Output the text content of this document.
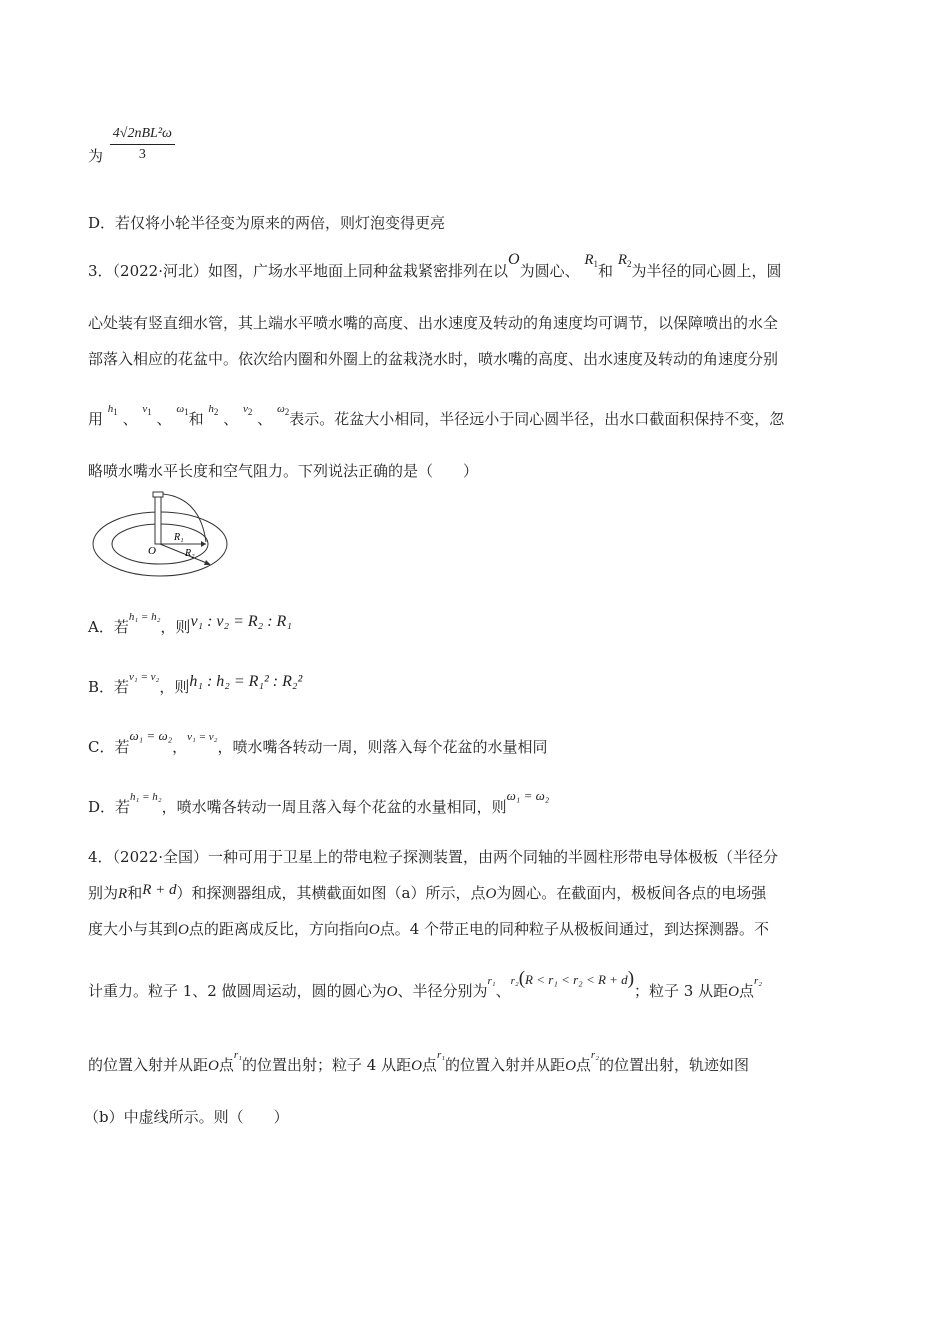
为 $\frac{\text{4√2nBL²ω}}{3}$
D．若仅将小轮半径变为原来的两倍，则灯泡变得更亮
3．（2022·河北）如图，广场水平地面上同种盆栽紧密排列在以O为圆心、 $R_1$和 $R_2$为半径的同心圆上，圆
心处装有竖直细水管，其上端水平喷水嘴的高度、出水速度及转动的角速度均可调节，以保障喷出的水全
部落入相应的花盆中。依次给内圈和外圈上的盆栽浇水时，喷水嘴的高度、出水速度及转动的角速度分别
用 $^{h_1}$ 、 $^{v_1}$ 、 $^{\omega_1}$和 $^{h_2}$ 、 $^{v_2}$ 、 $^{\omega_2}$表示。花盆大小相同，半径远小于同心圆半径，出水口截面积保持不变，忽
略喷水嘴水平长度和空气阻力。下列说法正确的是（　　）
O
R₁
R₂
A．若$^{h_1 = h_2}$，则v₁ : v₂ = R₂ : R₁
B．若$^{v_1 = v_2}$，则h₁ : h₂ = R₁² : R₂²
C．若ω₁ = ω₂，$^{v_1 = v_2}$，喷水嘴各转动一周，则落入每个花盆的水量相同
D．若$^{h_1 = h_2}$，喷水嘴各转动一周且落入每个花盆的水量相同，则ω₁ = ω₂
4．（2022·全国）一种可用于卫星上的带电粒子探测装置，由两个同轴的半圆柱形带电导体极板（半径分
别为R和R + d）和探测器组成，其横截面如图（a）所示，点O为圆心。在截面内，极板间各点的电场强
度大小与其到O点的距离成反比，方向指向O点。4 个带正电的同种粒子从极板间通过，到达探测器。不
计重力。粒子 1、2 做圆周运动，圆的圆心为O、半径分别为$^{r_1}$、$^{r_2}$(R < r₁ < r₂ < R + d)；粒子 3 从距O点$^{r_2}$
的位置入射并从距O点$^{r_1}$的位置出射；粒子 4 从距O点$^{r_1}$的位置入射并从距O点$^{r_2}$的位置出射，轨迹如图
（b）中虚线所示。则（　　）
